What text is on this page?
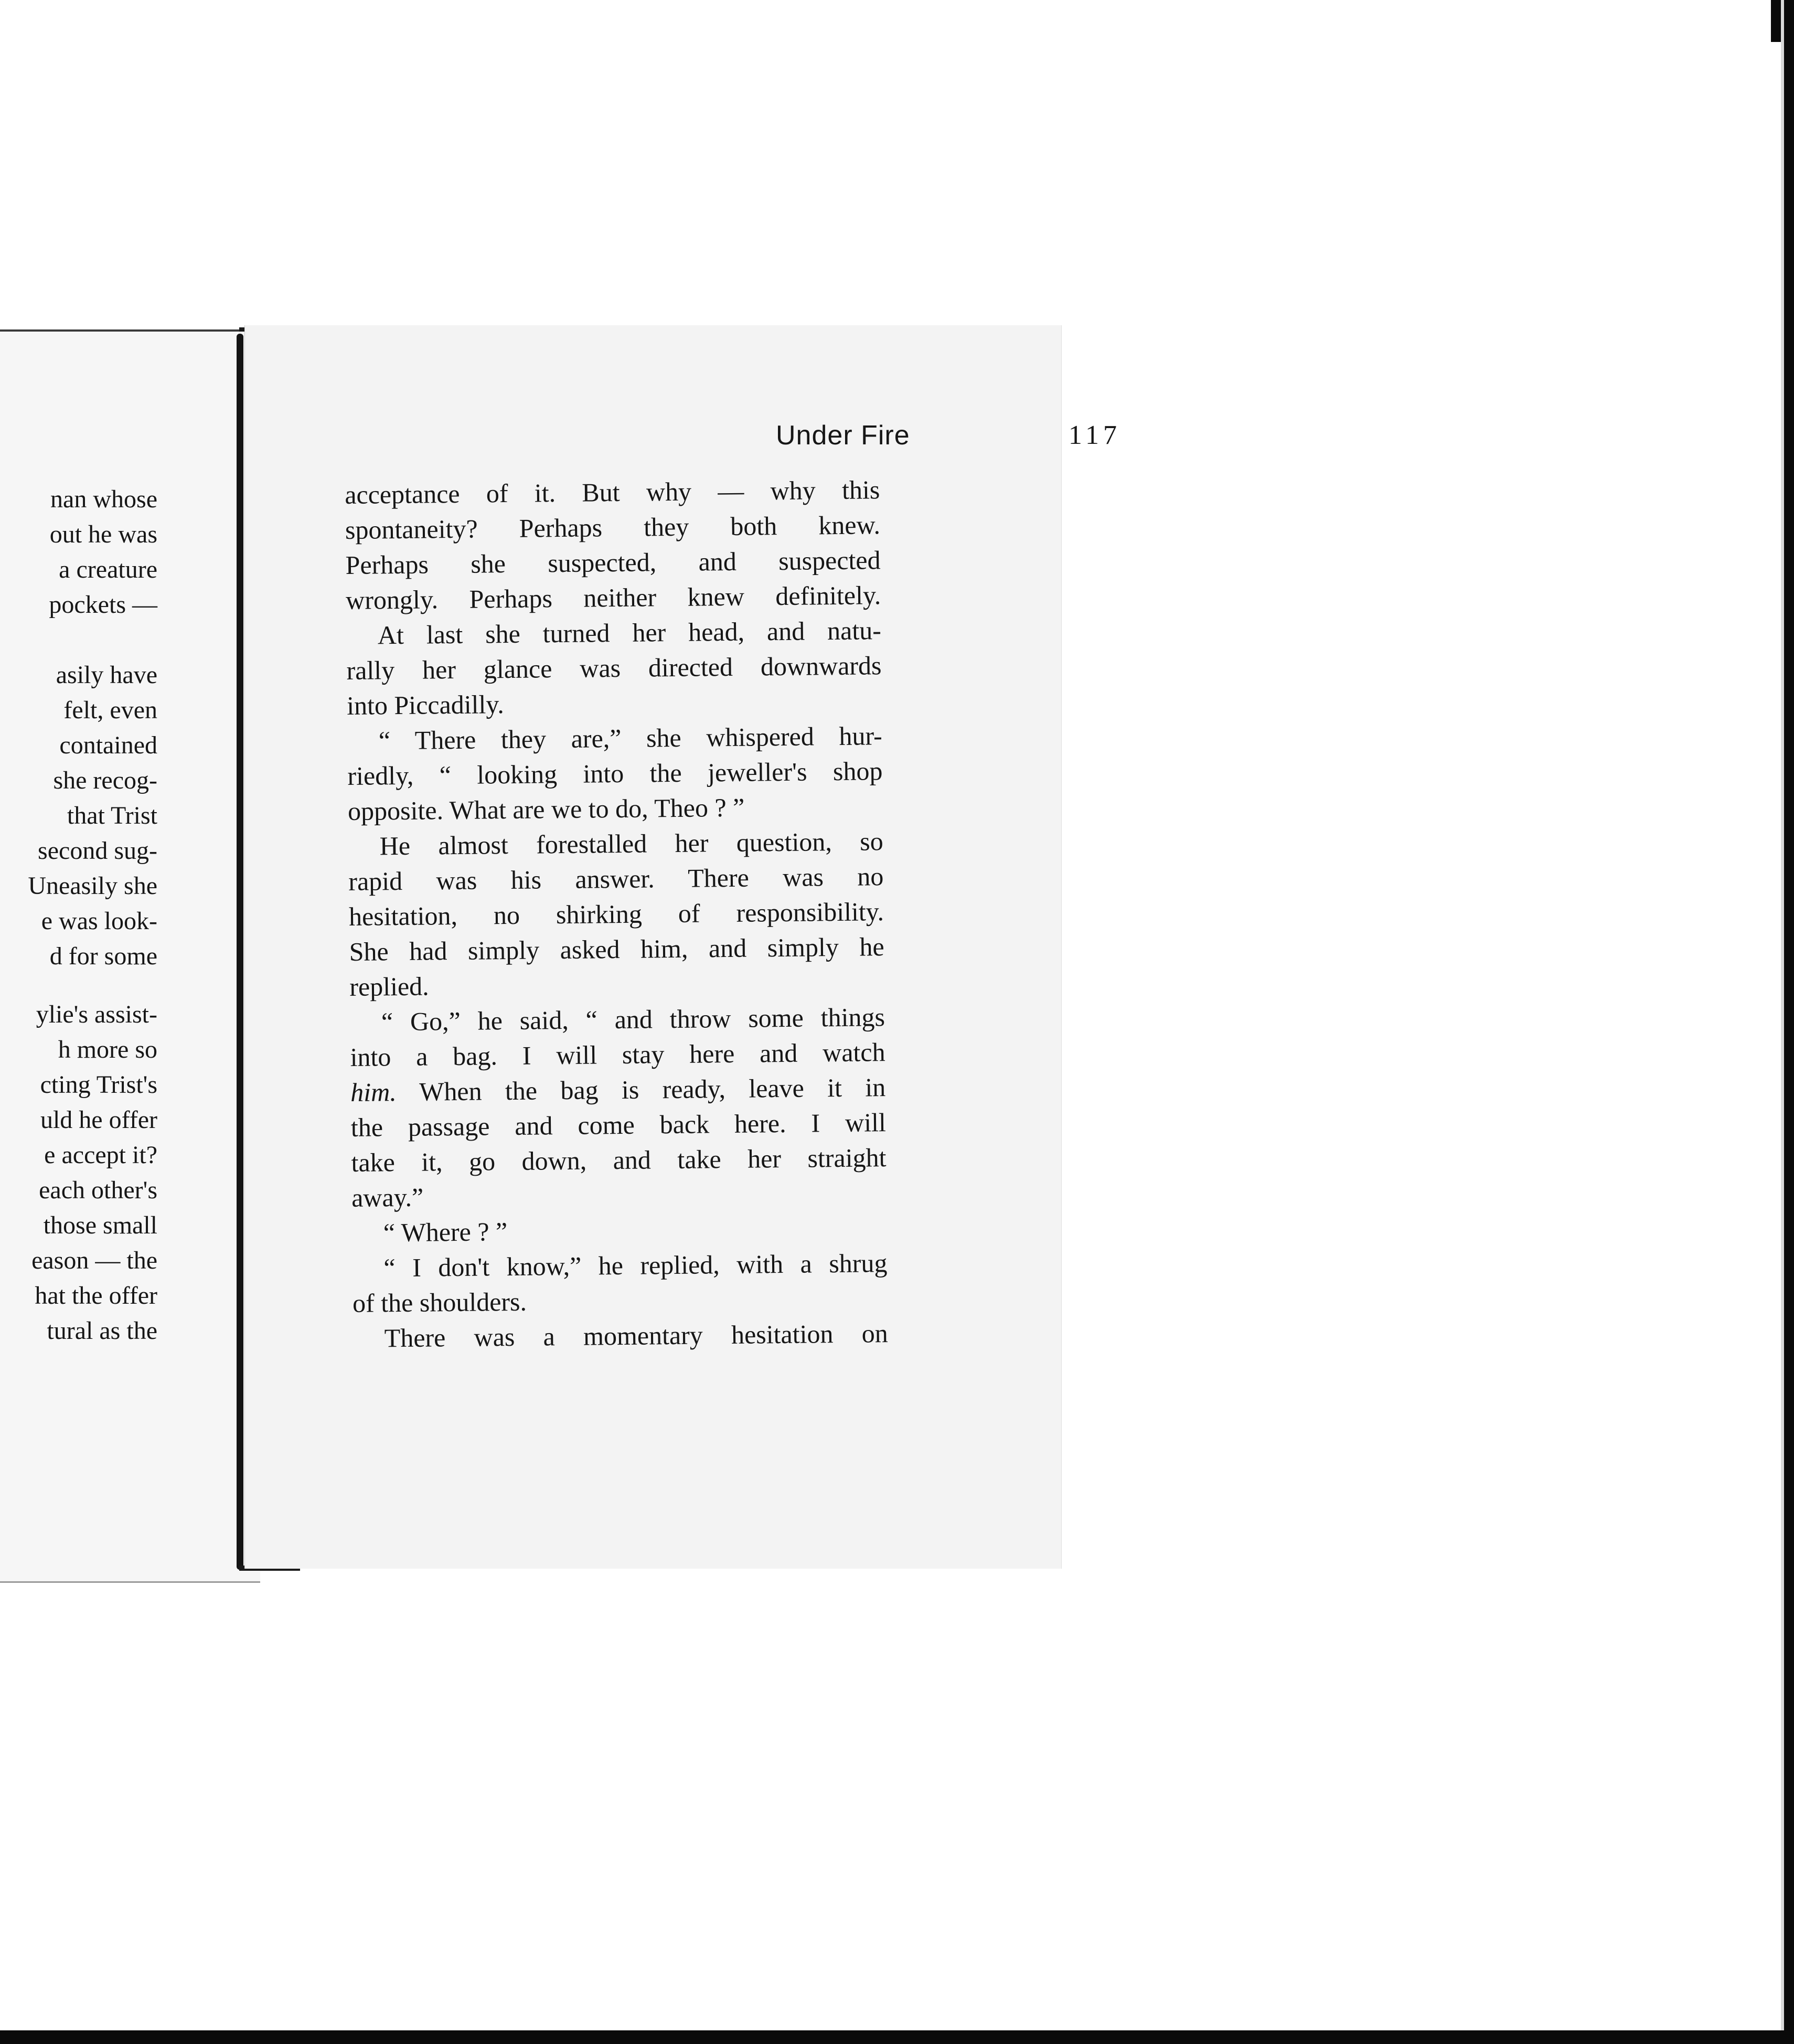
nan whose
out he was
a creature
pockets —
asily have
felt, even
contained
she recog-
that Trist
second sug-
Uneasily she
e was look-
d for some
ylie's assist-
h more so
cting Trist's
uld he offer
e accept it?
each other's
those small
eason — the
hat the offer
tural as the
Under Fire	117
acceptance of it. But why — why this
spontaneity? Perhaps they both knew.
Perhaps she suspected, and suspected
wrongly. Perhaps neither knew definitely.
At last she turned her head, and natu-
rally her glance was directed downwards
into Piccadilly.
“ There they are,” she whispered hur-
riedly, “ looking into the jeweller's shop
opposite. What are we to do, Theo ? ”
He almost forestalled her question, so
rapid was his answer. There was no
hesitation, no shirking of responsibility.
She had simply asked him, and simply he
replied.
“ Go,” he said, “ and throw some things
into a bag. I will stay here and watch
him. When the bag is ready, leave it in
the passage and come back here. I will
take it, go down, and take her straight
away.”
“ Where ? ”
“ I don't know,” he replied, with a shrug
of the shoulders.
There was a momentary hesitation on
